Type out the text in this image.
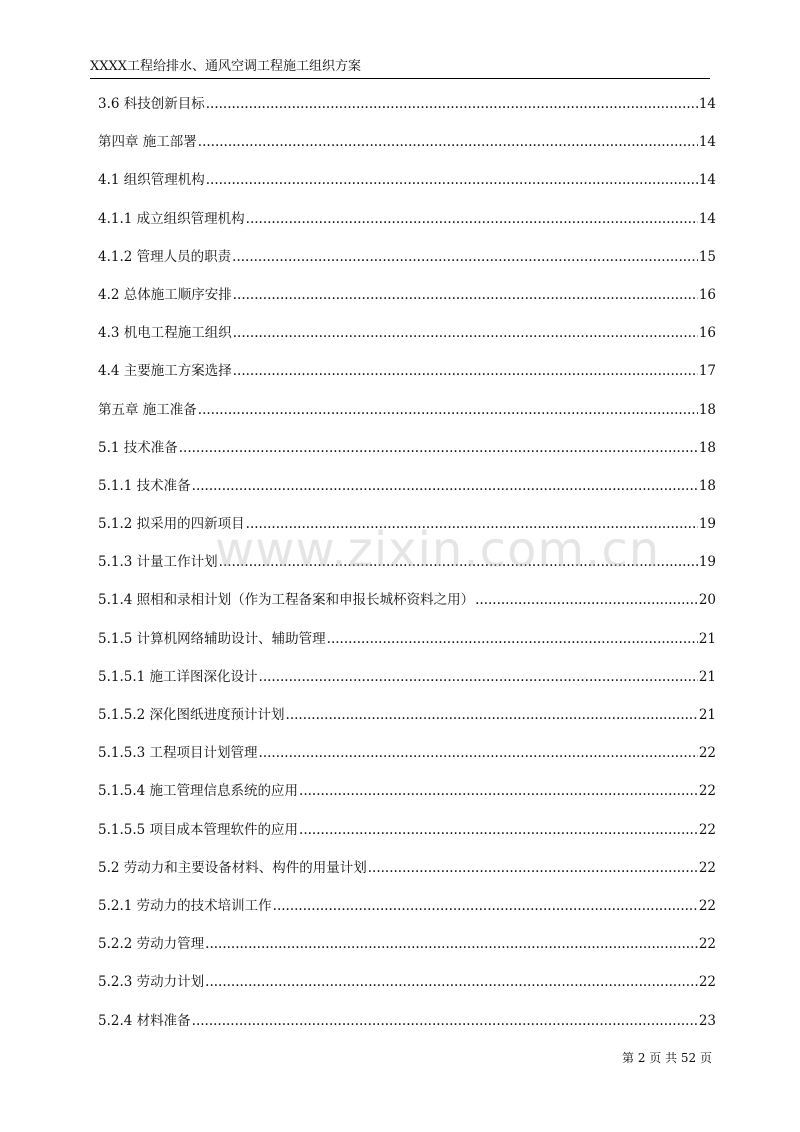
XXXX工程给排水、通风空调工程施工组织方案
3.6 科技创新目标 .....	14
第四章 施工部署 .....	14
4.1 组织管理机构 .....	14
4.1.1 成立组织管理机构 .....	14
4.1.2 管理人员的职责 .....	15
4.2 总体施工顺序安排 .....	16
4.3 机电工程施工组织 .....	16
4.4 主要施工方案选择 .....	17
第五章 施工准备 .....	18
5.1 技术准备 .....	18
5.1.1 技术准备 .....	18
5.1.2 拟采用的四新项目 .....	19
5.1.3 计量工作计划 .....	19
5.1.4 照相和录相计划（作为工程备案和申报长城杯资料之用） .....	20
5.1.5 计算机网络辅助设计、辅助管理 .....	21
5.1.5.1 施工详图深化设计 .....	21
5.1.5.2 深化图纸进度预计计划 .....	21
5.1.5.3 工程项目计划管理 .....	22
5.1.5.4 施工管理信息系统的应用 .....	22
5.1.5.5 项目成本管理软件的应用 .....	22
5.2 劳动力和主要设备材料、构件的用量计划 .....	22
5.2.1 劳动力的技术培训工作 .....	22
5.2.2 劳动力管理 .....	22
5.2.3 劳动力计划 .....	22
5.2.4 材料准备 .....	23
www.zixin.com.cn
第 2 页 共 52 页
